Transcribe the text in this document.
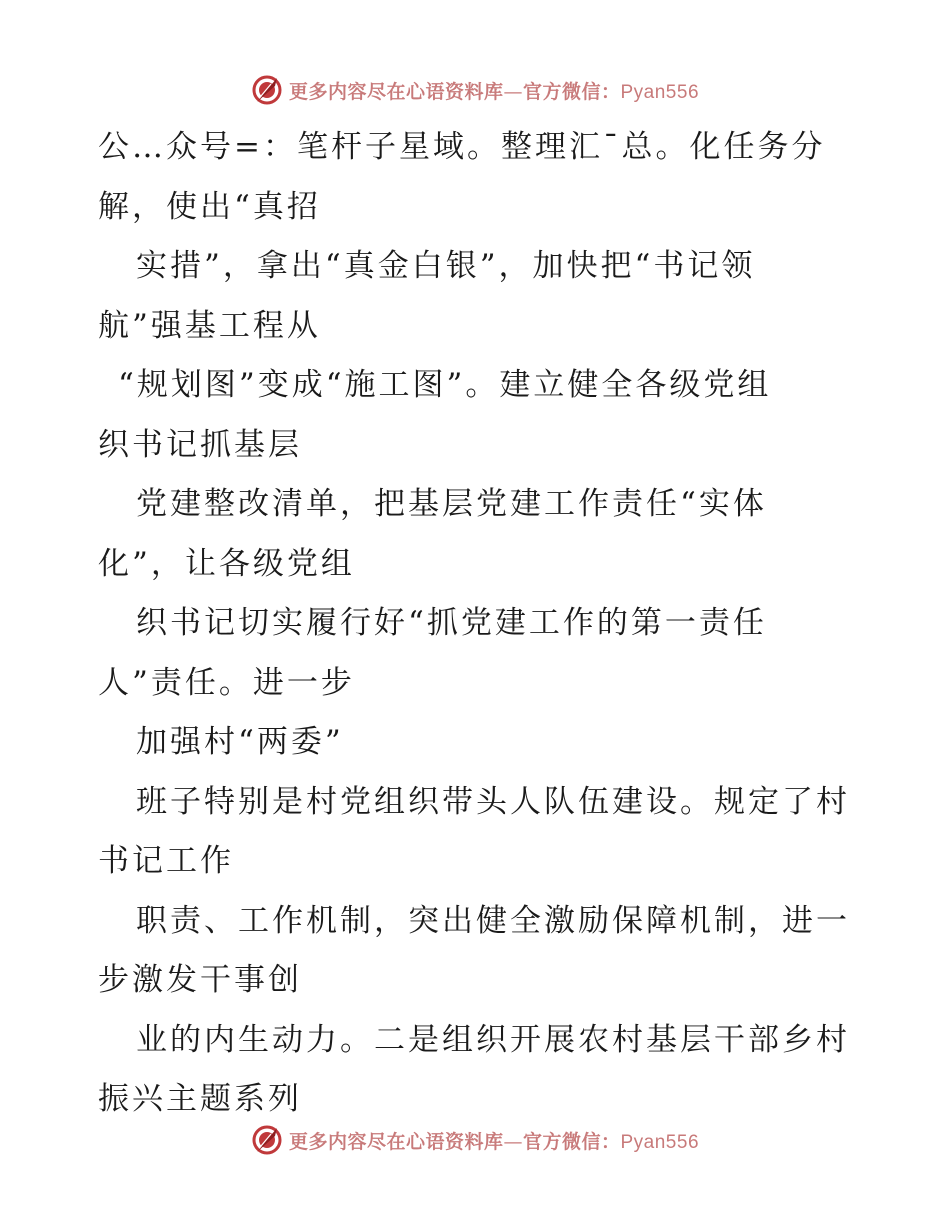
更多内容尽在心语资料库—官方微信：Pyan556
公…众号=：笔杆子星域。整理汇¯总。化任务分
解，使出“真招
实措”，拿出“真金白银”，加快把“书记领
航”强基工程从
“规划图”变成“施工图”。建立健全各级党组
织书记抓基层
党建整改清单，把基层党建工作责任“实体
化”，让各级党组
织书记切实履行好“抓党建工作的第一责任
人”责任。进一步
加强村“两委”
班子特别是村党组织带头人队伍建设。规定了村
书记工作
职责、工作机制，突出健全激励保障机制，进一
步激发干事创
业的内生动力。二是组织开展农村基层干部乡村
振兴主题系列
更多内容尽在心语资料库—官方微信：Pyan556
